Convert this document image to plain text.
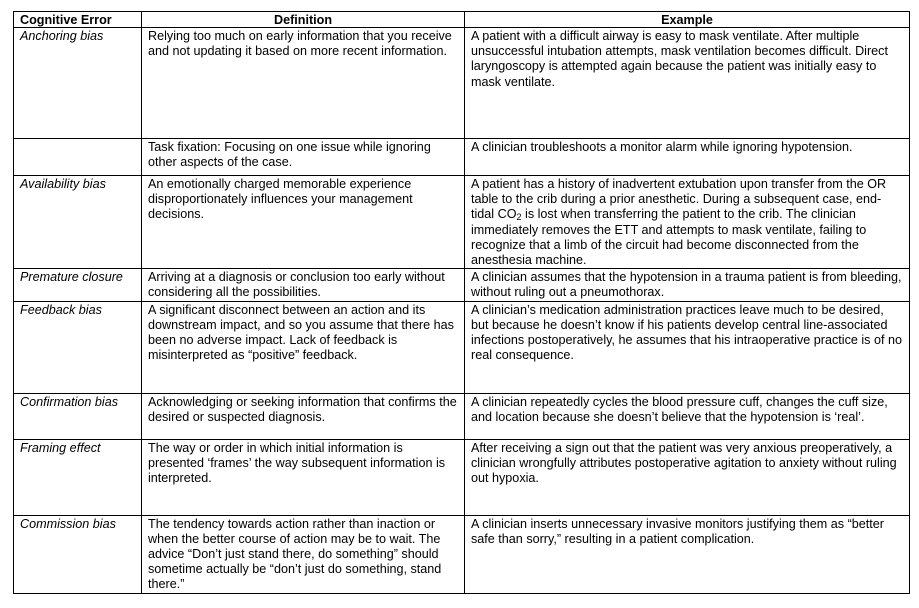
Cognitive Error	Definition	Example
Anchoring bias	Relying too much on early information that you receive and not updating it based on more recent information.	A patient with a difficult airway is easy to mask ventilate. After multiple unsuccessful intubation attempts, mask ventilation becomes difficult. Direct laryngoscopy is attempted again because the patient was initially easy to mask ventilate.
	Task fixation: Focusing on one issue while ignoring other aspects of the case.	A clinician troubleshoots a monitor alarm while ignoring hypotension.
Availability bias	An emotionally charged memorable experience disproportionately influences your management decisions.	A patient has a history of inadvertent extubation upon transfer from the OR table to the crib during a prior anesthetic. During a subsequent case, end-tidal $CO_2$ is lost when transferring the patient to the crib. The clinician immediately removes the ETT and attempts to mask ventilate, failing to recognize that a limb of the circuit had become disconnected from the anesthesia machine.
Premature closure	Arriving at a diagnosis or conclusion too early without considering all the possibilities.	A clinician assumes that the hypotension in a trauma patient is from bleeding, without ruling out a pneumothorax.
Feedback bias	A significant disconnect between an action and its downstream impact, and so you assume that there has been no adverse impact. Lack of feedback is misinterpreted as “positive” feedback.	A clinician’s medication administration practices leave much to be desired, but because he doesn’t know if his patients develop central line-associated infections postoperatively, he assumes that his intraoperative practice is of no real consequence.
Confirmation bias	Acknowledging or seeking information that confirms the desired or suspected diagnosis.	A clinician repeatedly cycles the blood pressure cuff, changes the cuff size, and location because she doesn’t believe that the hypotension is ‘real’.
Framing effect	The way or order in which initial information is presented ‘frames’ the way subsequent information is interpreted.	After receiving a sign out that the patient was very anxious preoperatively, a clinician wrongfully attributes postoperative agitation to anxiety without ruling out hypoxia.
Commission bias	The tendency towards action rather than inaction or when the better course of action may be to wait. The advice “Don’t just stand there, do something” should sometime actually be “don’t just do something, stand there.”	A clinician inserts unnecessary invasive monitors justifying them as “better safe than sorry,” resulting in a patient complication.
